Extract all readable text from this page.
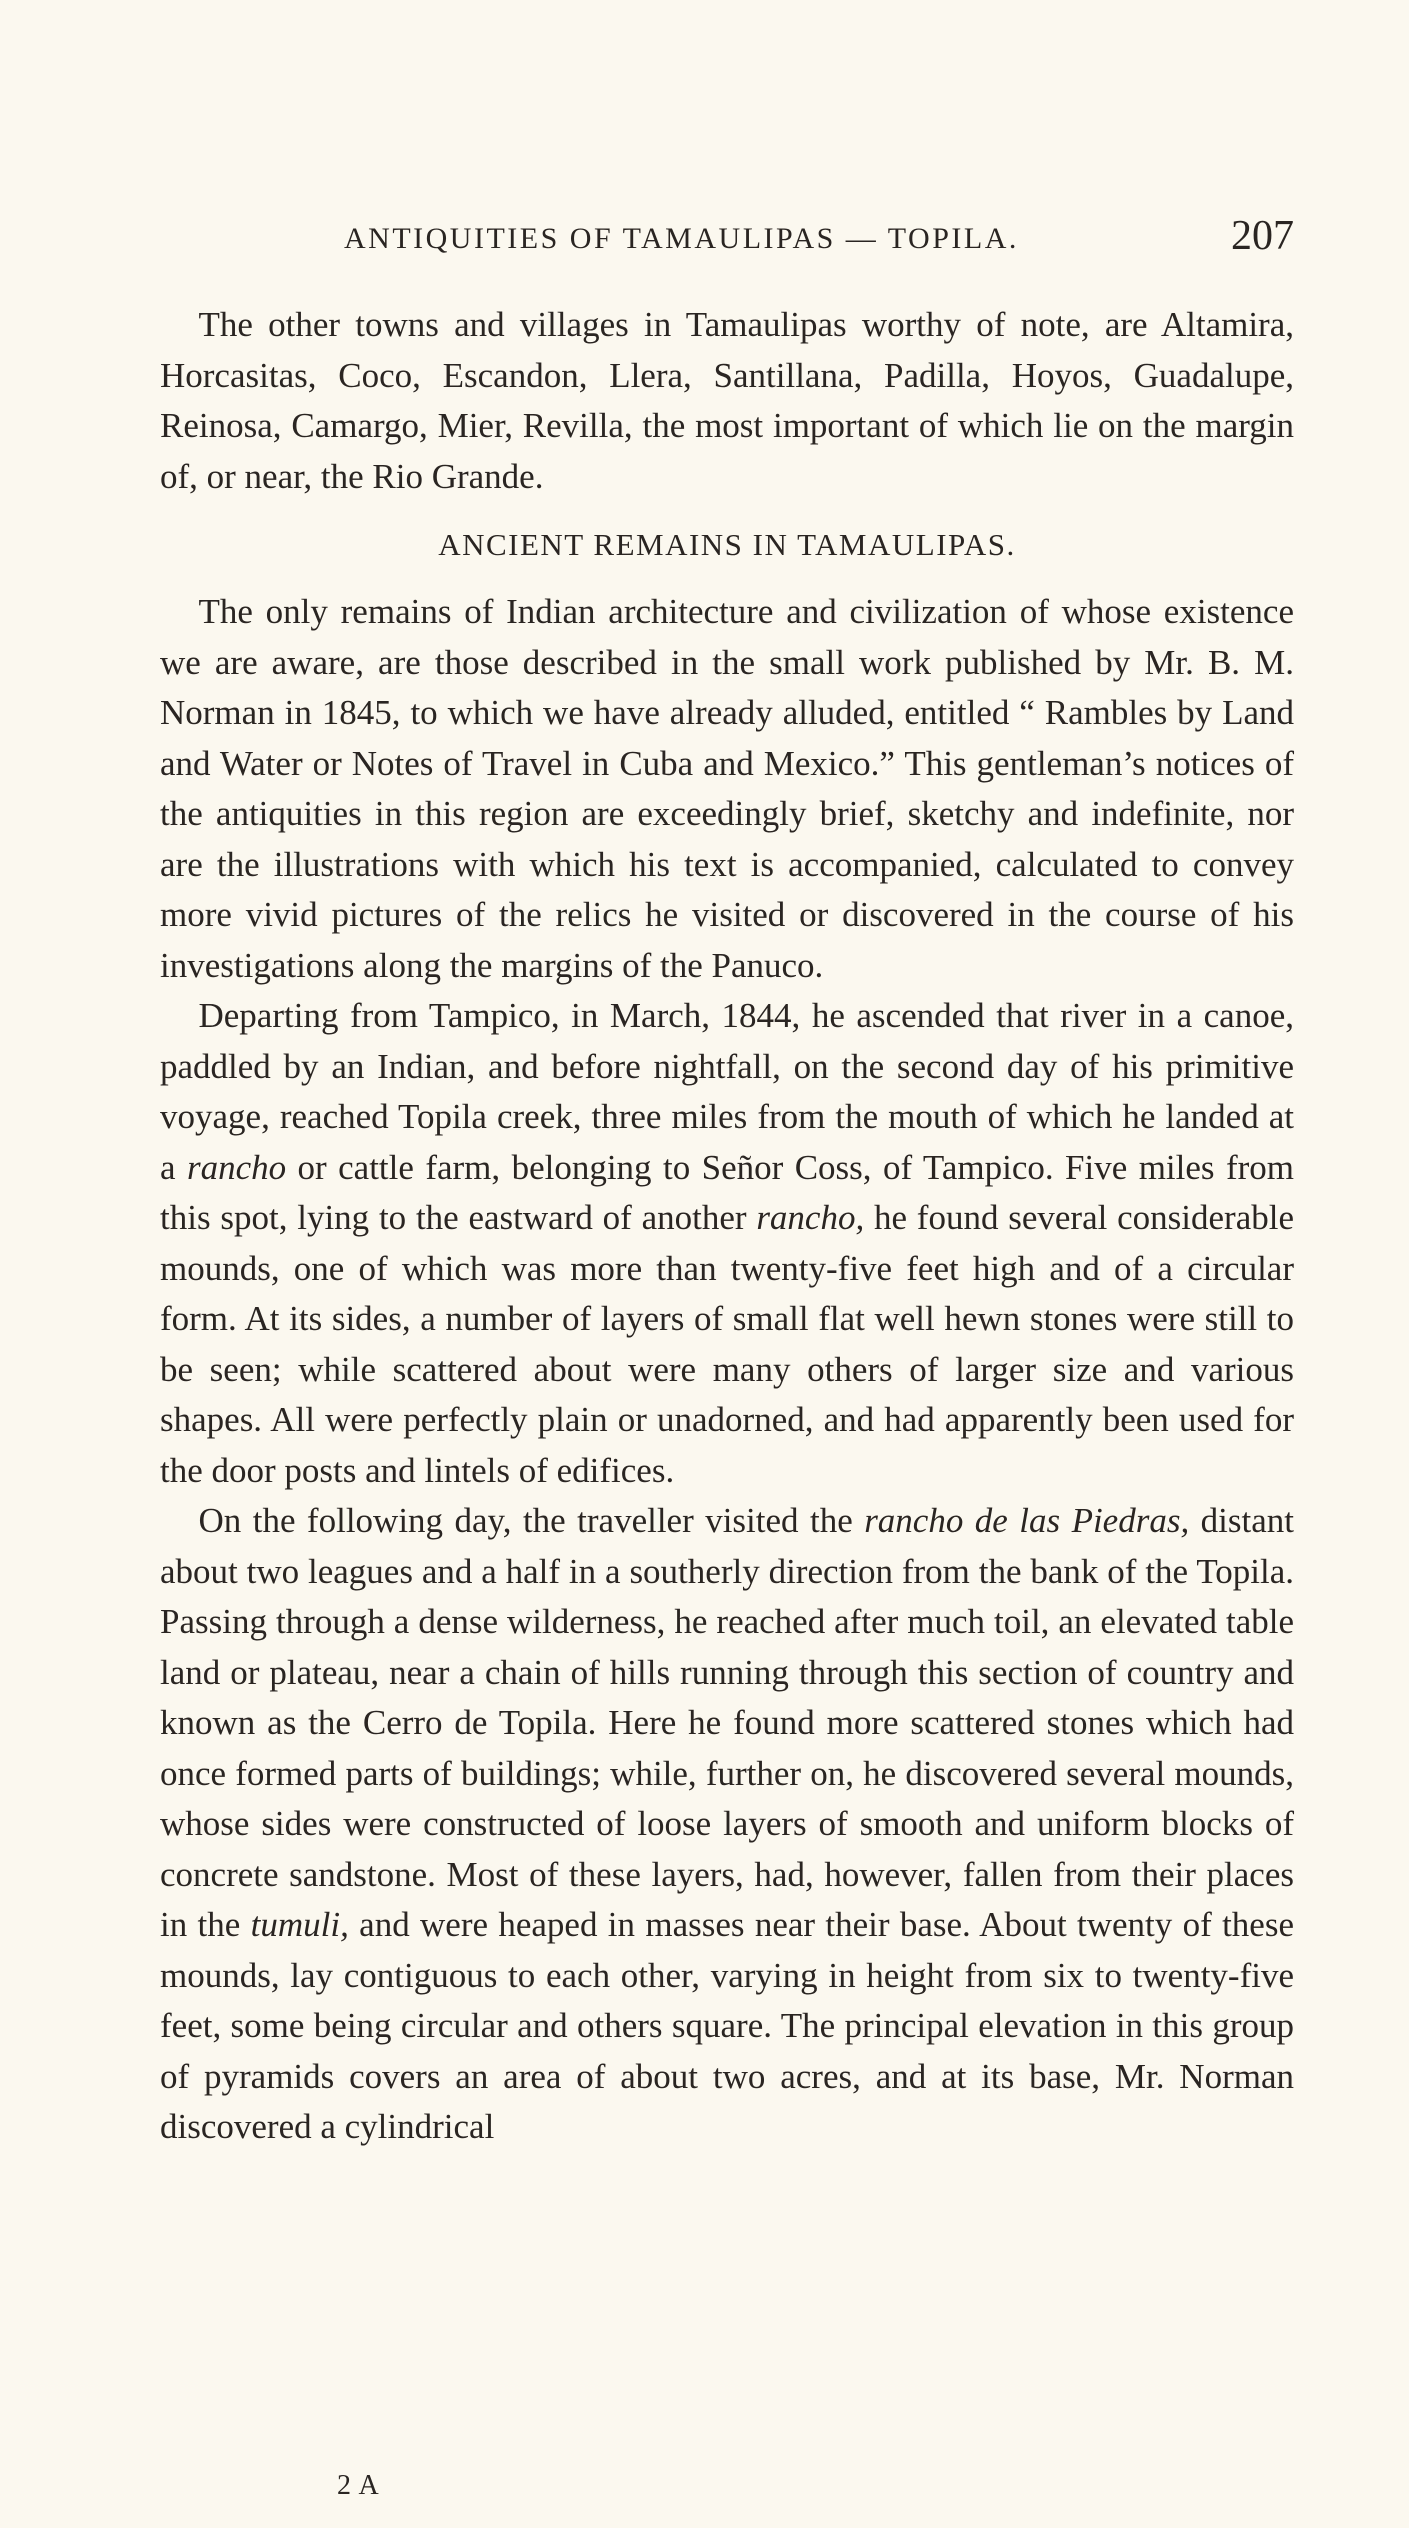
ANTIQUITIES OF TAMAULIPAS — TOPILA.	207

The other towns and villages in Tamaulipas worthy of note, are Altamira, Horcasitas, Coco, Escandon, Llera, Santillana, Padilla, Hoyos, Guadalupe, Reinosa, Camargo, Mier, Revilla, the most important of which lie on the margin of, or near, the Rio Grande.

ANCIENT REMAINS IN TAMAULIPAS.

The only remains of Indian architecture and civilization of whose existence we are aware, are those described in the small work published by Mr. B. M. Norman in 1845, to which we have already alluded, entitled “ Rambles by Land and Water or Notes of Travel in Cuba and Mexico.” This gentleman’s notices of the antiquities in this region are exceedingly brief, sketchy and indefinite, nor are the illustrations with which his text is accompanied, calculated to convey more vivid pictures of the relics he visited or discovered in the course of his investigations along the margins of the Panuco.

Departing from Tampico, in March, 1844, he ascended that river in a canoe, paddled by an Indian, and before nightfall, on the second day of his primitive voyage, reached Topila creek, three miles from the mouth of which he landed at a rancho or cattle farm, belonging to Señor Coss, of Tampico. Five miles from this spot, lying to the eastward of another rancho, he found several considerable mounds, one of which was more than twenty-five feet high and of a circular form. At its sides, a number of layers of small flat well hewn stones were still to be seen; while scattered about were many others of larger size and various shapes. All were perfectly plain or unadorned, and had apparently been used for the door posts and lintels of edifices.

On the following day, the traveller visited the rancho de las Piedras, distant about two leagues and a half in a southerly direction from the bank of the Topila. Passing through a dense wilderness, he reached after much toil, an elevated table land or plateau, near a chain of hills running through this section of country and known as the Cerro de Topila. Here he found more scattered stones which had once formed parts of buildings; while, further on, he discovered several mounds, whose sides were constructed of loose layers of smooth and uniform blocks of concrete sandstone. Most of these layers, had, however, fallen from their places in the tumuli, and were heaped in masses near their base. About twenty of these mounds, lay contiguous to each other, varying in height from six to twenty-five feet, some being circular and others square. The principal elevation in this group of pyramids covers an area of about two acres, and at its base, Mr. Norman discovered a cylindrical

2 A
